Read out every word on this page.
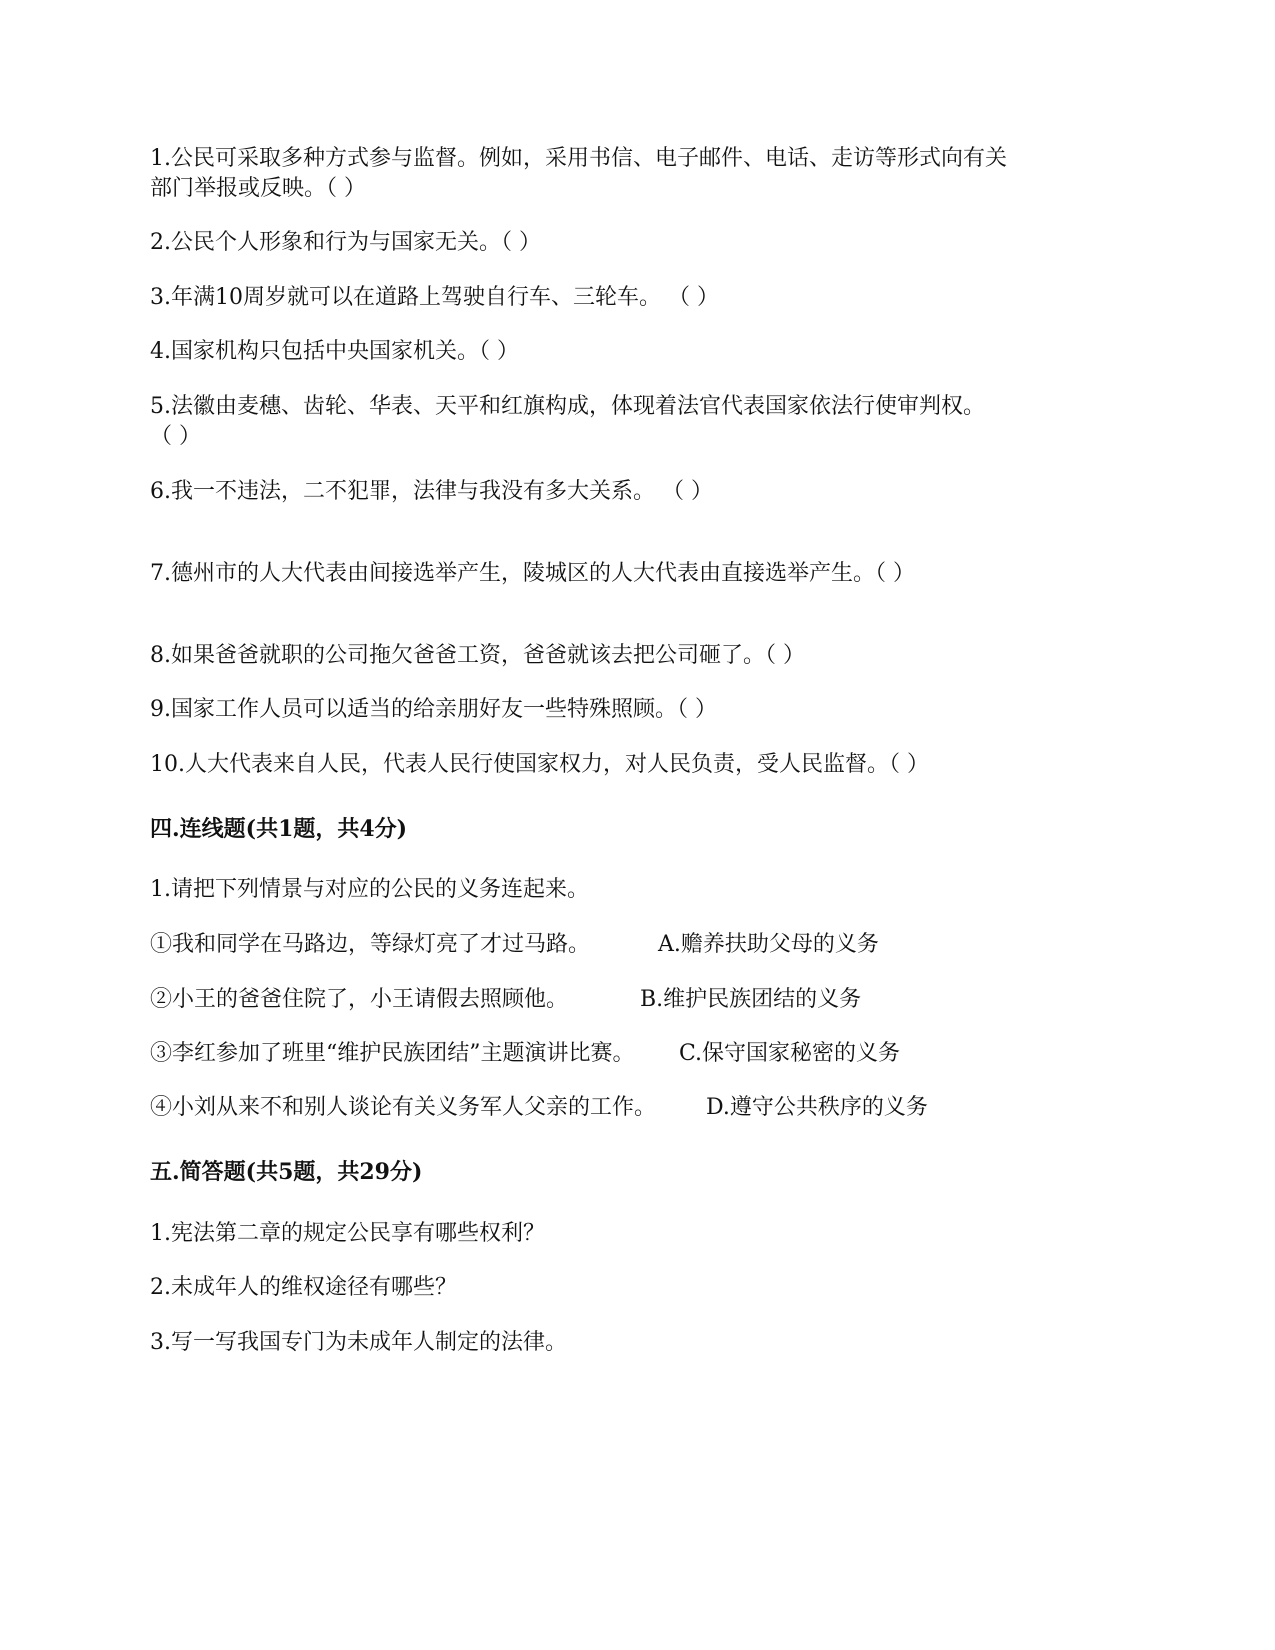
1.公民可采取多种方式参与监督。例如，采用书信、电子邮件、电话、走访等形式向有关
部门举报或反映。（ ）
2.公民个人形象和行为与国家无关。（ ）
3.年满10周岁就可以在道路上驾驶自行车、三轮车。 （ ）
4.国家机构只包括中央国家机关。（ ）
5.法徽由麦穗、齿轮、华表、天平和红旗构成，体现着法官代表国家依法行使审判权。
（ ）
6.我一不违法，二不犯罪，法律与我没有多大关系。 （ ）
7.德州市的人大代表由间接选举产生，陵城区的人大代表由直接选举产生。（ ）
8.如果爸爸就职的公司拖欠爸爸工资，爸爸就该去把公司砸了。（ ）
9.国家工作人员可以适当的给亲朋好友一些特殊照顾。（ ）
10.人大代表来自人民，代表人民行使国家权力，对人民负责，受人民监督。（ ）
四.连线题(共1题，共4分)
1.请把下列情景与对应的公民的义务连起来。
①我和同学在马路边，等绿灯亮了才过马路。	A.赡养扶助父母的义务
②小王的爸爸住院了，小王请假去照顾他。	B.维护民族团结的义务
③李红参加了班里“维护民族团结”主题演讲比赛。 C.保守国家秘密的义务
④小刘从来不和别人谈论有关义务军人父亲的工作。 D.遵守公共秩序的义务
五.简答题(共5题，共29分)
1.宪法第二章的规定公民享有哪些权利？
2.未成年人的维权途径有哪些？
3.写一写我国专门为未成年人制定的法律。
